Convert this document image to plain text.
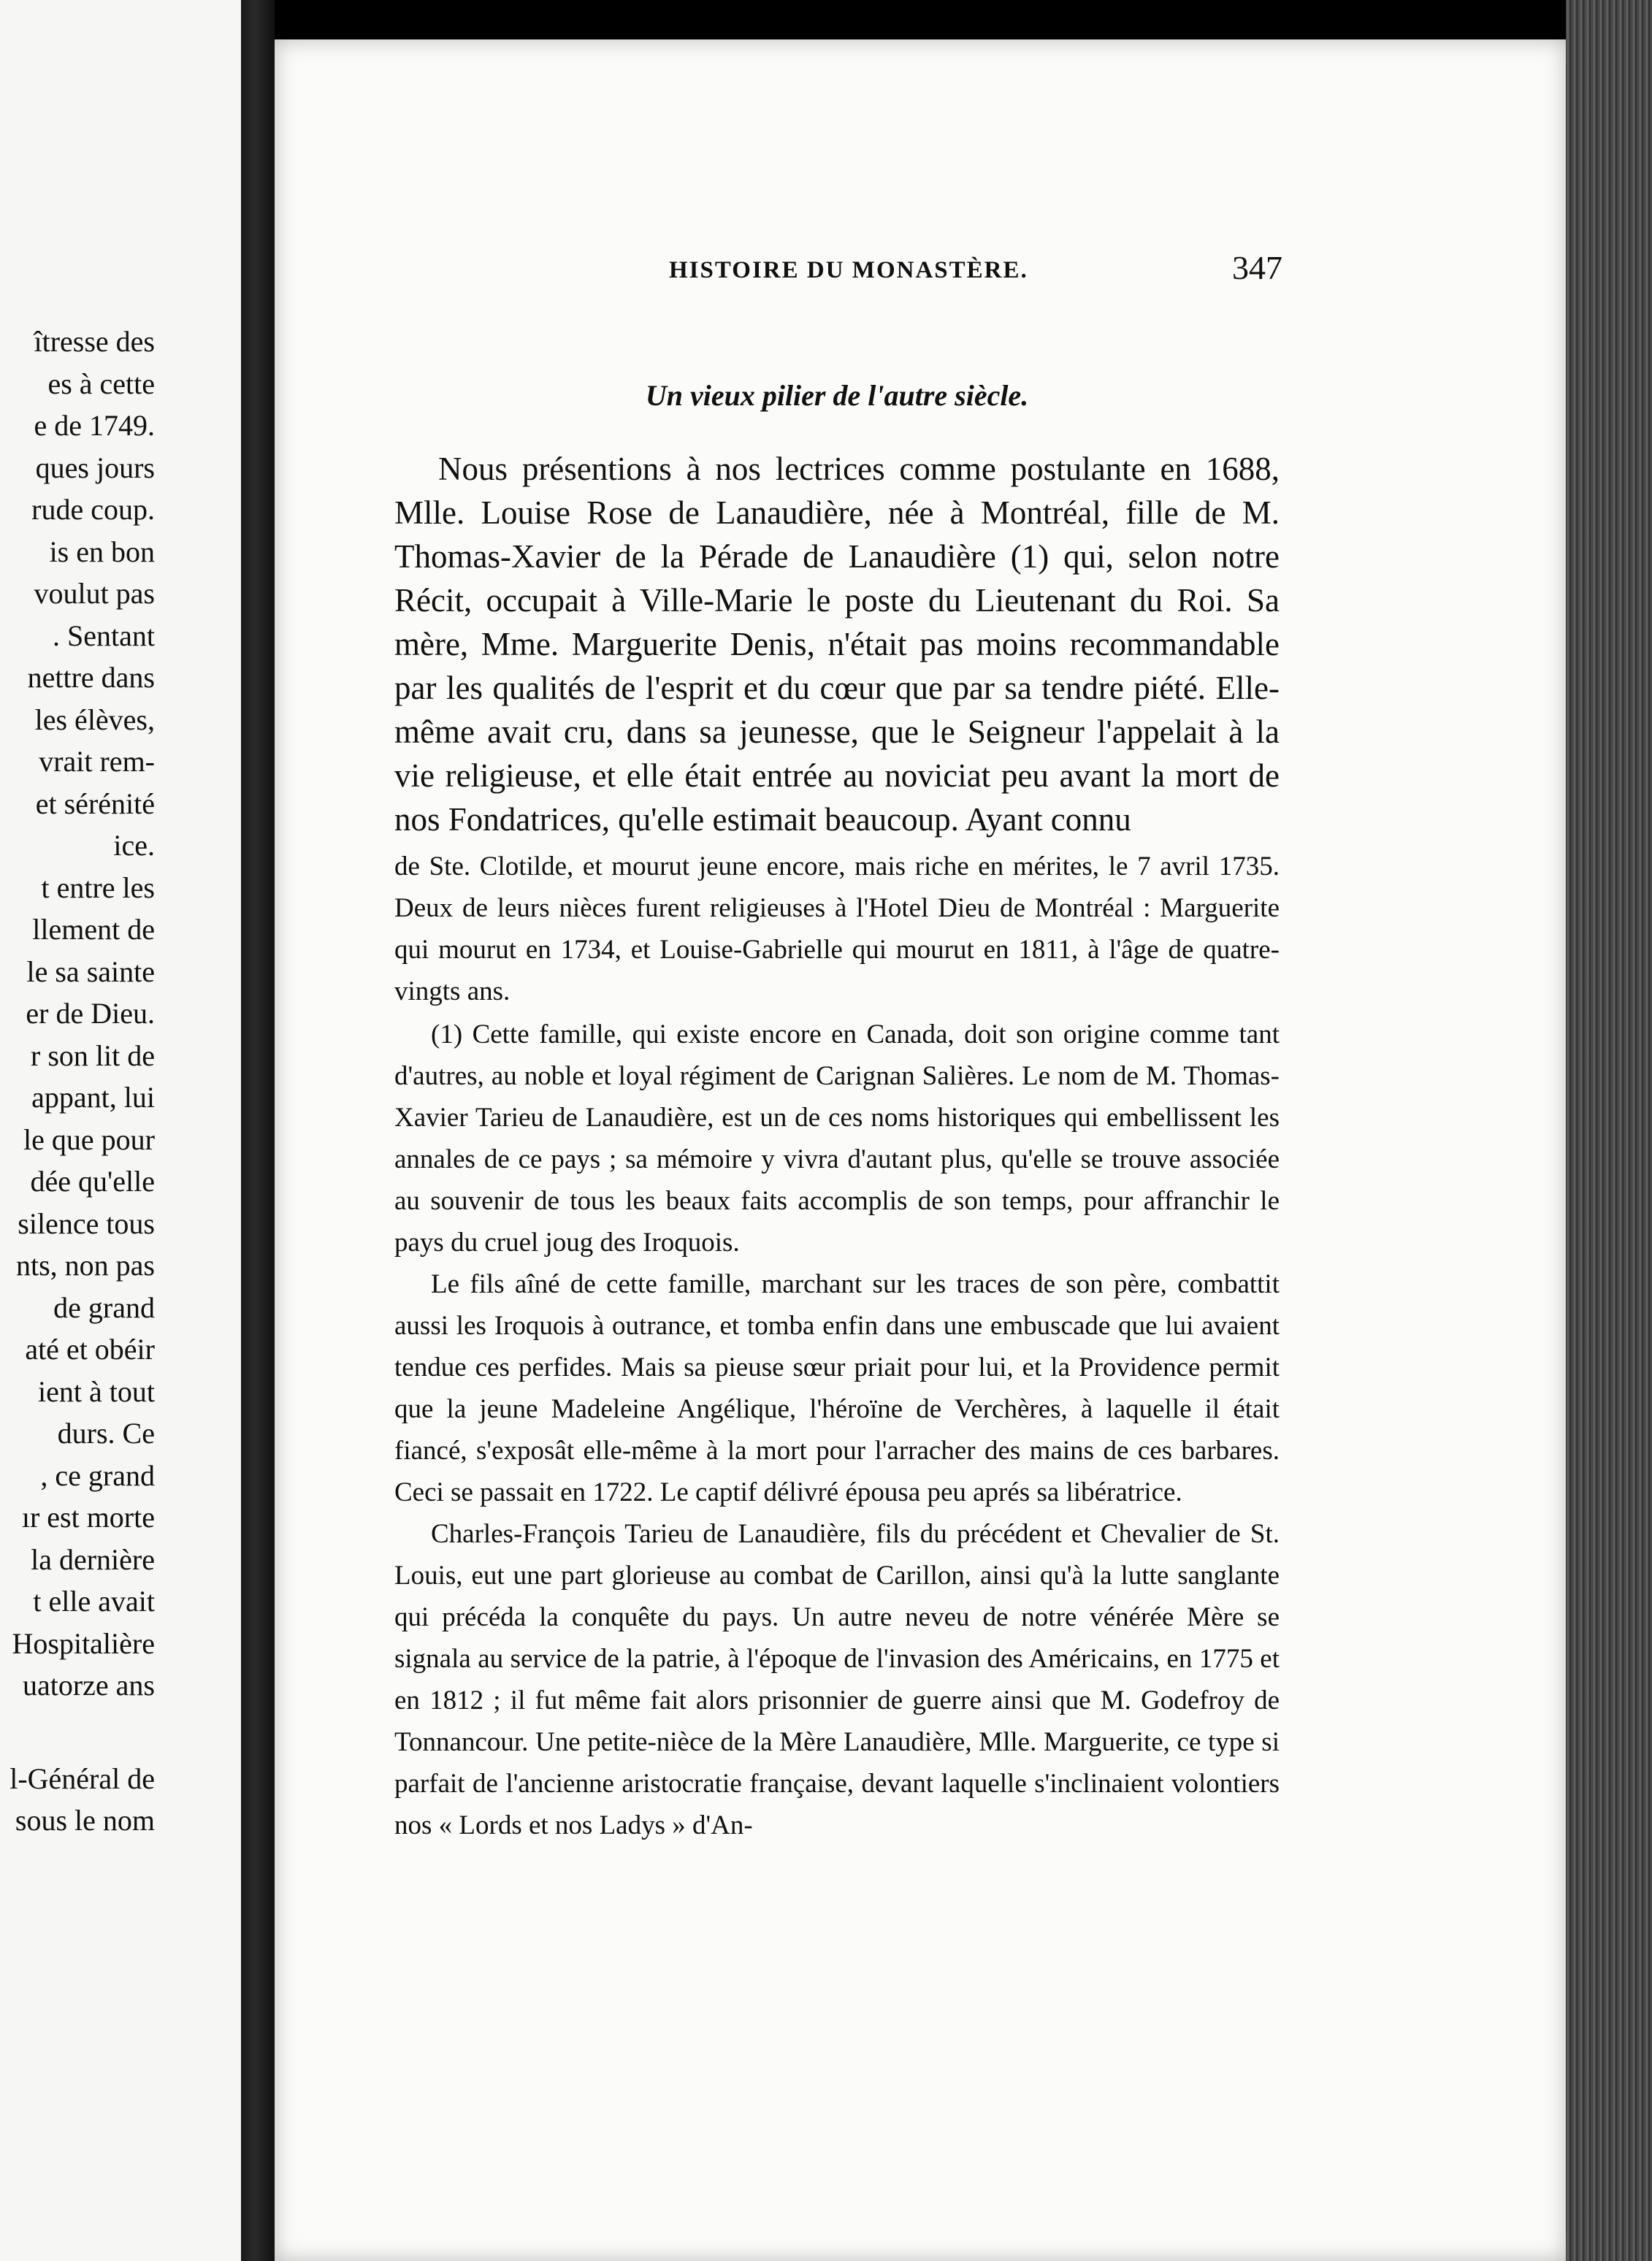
îtresse des
es à cette
e de 1749.
ques jours
rude coup.
is en bon
voulut pas
. Sentant
nettre dans
les élèves,
vrait rem-
et sérénité
ice.
t entre les
llement de
le sa sainte
er de Dieu.
r son lit de
appant, lui
le que pour
dée qu'elle
silence tous
nts, non pas
de grand
até et obéir
ient à tout
durs. Ce
, ce grand
ır est morte
la dernière
t elle avait
Hospitalière
uatorze ans
l-Général de
sous le nom
HISTOIRE DU MONASTÈRE.	347
Un vieux pilier de l'autre siècle.

Nous présentions à nos lectrices comme postulante en 1688, Mlle. Louise Rose de Lanaudière, née à Montréal, fille de M. Thomas-Xavier de la Pérade de Lanaudière (1) qui, selon notre Récit, occupait à Ville-Marie le poste du Lieutenant du Roi. Sa mère, Mme. Marguerite Denis, n'était pas moins recommandable par les qualités de l'esprit et du cœur que par sa tendre piété. Elle-même avait cru, dans sa jeunesse, que le Seigneur l'appelait à la vie religieuse, et elle était entrée au noviciat peu avant la mort de nos Fondatrices, qu'elle estimait beaucoup. Ayant connu

de Ste. Clotilde, et mourut jeune encore, mais riche en mérites, le 7 avril 1735. Deux de leurs nièces furent religieuses à l'Hotel Dieu de Montréal : Marguerite qui mourut en 1734, et Louise-Gabrielle qui mourut en 1811, à l'âge de quatre-vingts ans.

(1) Cette famille, qui existe encore en Canada, doit son origine comme tant d'autres, au noble et loyal régiment de Carignan Salières. Le nom de M. Thomas-Xavier Tarieu de Lanaudière, est un de ces noms historiques qui embellissent les annales de ce pays ; sa mémoire y vivra d'autant plus, qu'elle se trouve associée au souvenir de tous les beaux faits accomplis de son temps, pour affranchir le pays du cruel joug des Iroquois.

Le fils aîné de cette famille, marchant sur les traces de son père, combattit aussi les Iroquois à outrance, et tomba enfin dans une embuscade que lui avaient tendue ces perfides. Mais sa pieuse sœur priait pour lui, et la Providence permit que la jeune Madeleine Angélique, l'héroïne de Verchères, à laquelle il était fiancé, s'exposât elle-même à la mort pour l'arracher des mains de ces barbares. Ceci se passait en 1722. Le captif délivré épousa peu aprés sa libératrice.

Charles-François Tarieu de Lanaudière, fils du précédent et Chevalier de St. Louis, eut une part glorieuse au combat de Carillon, ainsi qu'à la lutte sanglante qui précéda la conquête du pays. Un autre neveu de notre vénérée Mère se signala au service de la patrie, à l'époque de l'invasion des Américains, en 1775 et en 1812 ; il fut même fait alors prisonnier de guerre ainsi que M. Godefroy de Tonnancour. Une petite-nièce de la Mère Lanaudière, Mlle. Marguerite, ce type si parfait de l'ancienne aristocratie française, devant laquelle s'inclinaient volontiers nos « Lords et nos Ladys » d'An-
